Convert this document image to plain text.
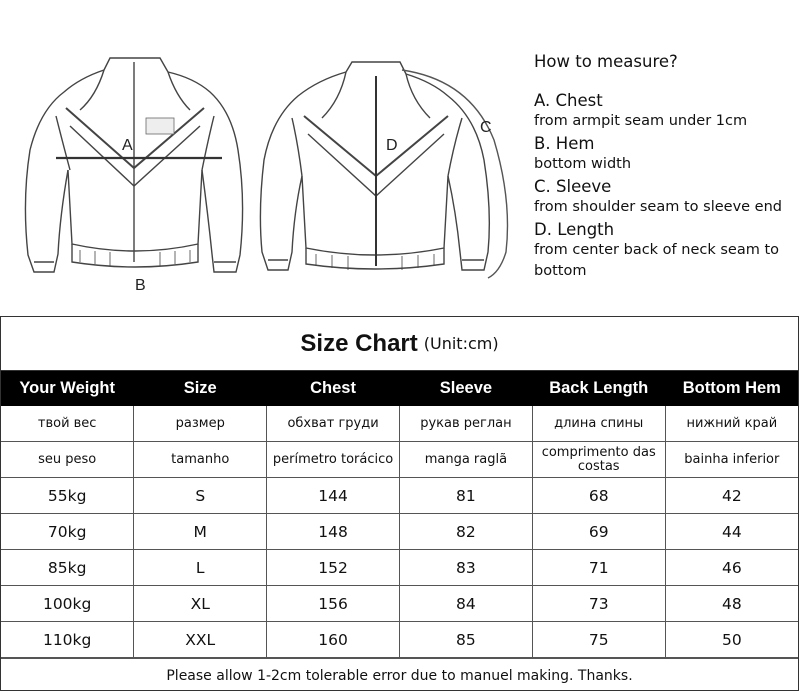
A
B
D
C
How to measure?
A. Chest
from armpit seam under 1cm
B. Hem
bottom width
C. Sleeve
from shoulder seam to sleeve end
D. Length
from center back of neck seam to bottom
Size Chart (Unit:cm)
Your Weight	Size	Chest	Sleeve	Back Length	Bottom Hem
твой вес	размер	обхват груди	рукав реглан	длина спины	нижний край
seu peso	tamanho	perímetro torácico	manga raglã	comprimento das costas	bainha inferior
55kg	S	144	81	68	42
70kg	M	148	82	69	44
85kg	L	152	83	71	46
100kg	XL	156	84	73	48
110kg	XXL	160	85	75	50
Please allow 1-2cm tolerable error due to manuel making. Thanks.
